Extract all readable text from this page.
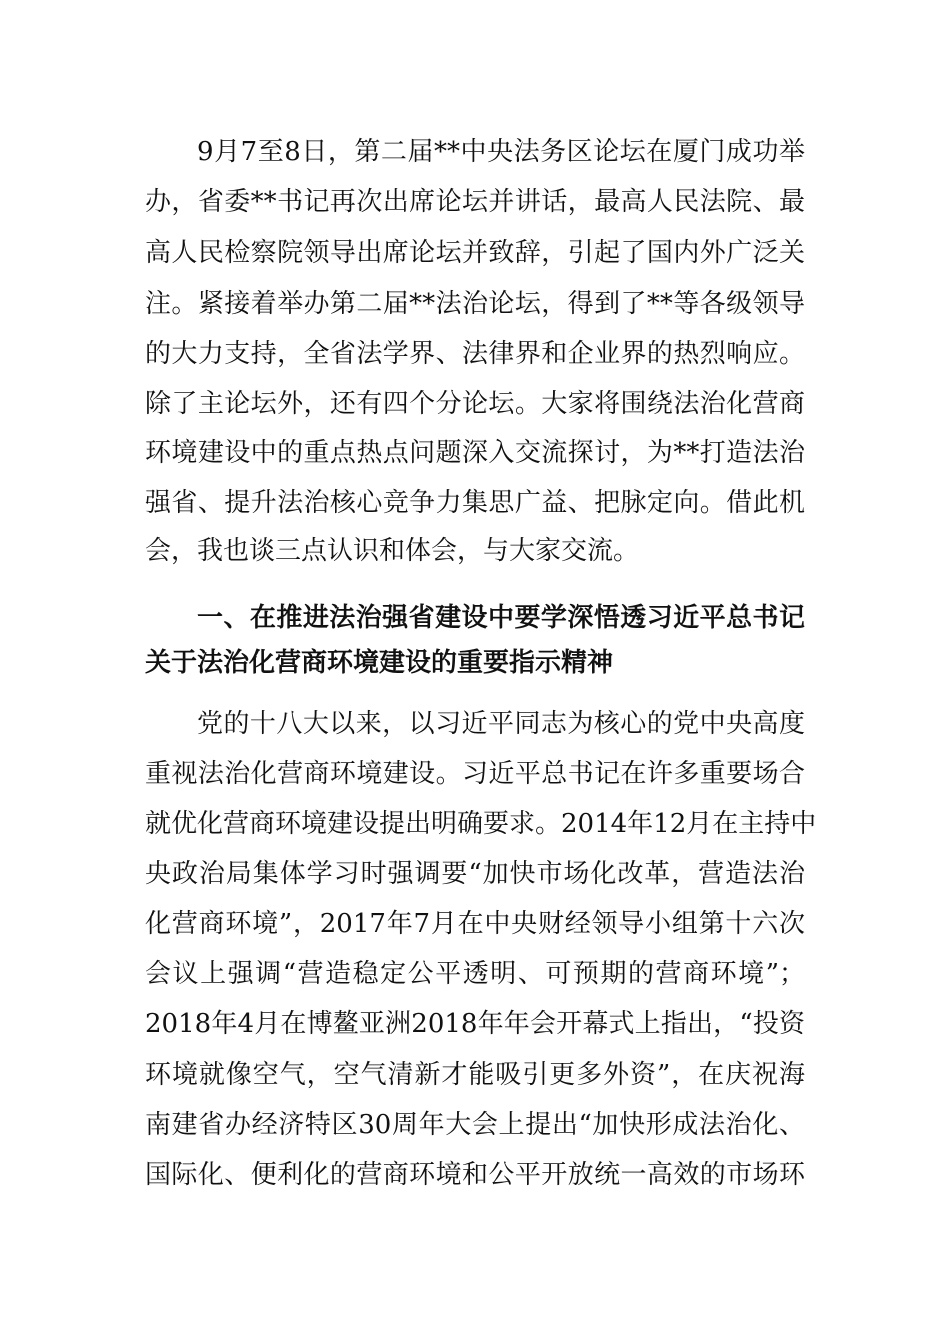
9月7至8日，第二届**中央法务区论坛在厦门成功举
办，省委**书记再次出席论坛并讲话，最高人民法院、最
高人民检察院领导出席论坛并致辞，引起了国内外广泛关
注。紧接着举办第二届**法治论坛，得到了**等各级领导
的大力支持，全省法学界、法律界和企业界的热烈响应。
除了主论坛外，还有四个分论坛。大家将围绕法治化营商
环境建设中的重点热点问题深入交流探讨，为**打造法治
强省、提升法治核心竞争力集思广益、把脉定向。借此机
会，我也谈三点认识和体会，与大家交流。
一、在推进法治强省建设中要学深悟透习近平总书记
关于法治化营商环境建设的重要指示精神
党的十八大以来，以习近平同志为核心的党中央高度
重视法治化营商环境建设。习近平总书记在许多重要场合
就优化营商环境建设提出明确要求。2014年12月在主持中
央政治局集体学习时强调要“加快市场化改革，营造法治
化营商环境”，2017年7月在中央财经领导小组第十六次
会议上强调“营造稳定公平透明、可预期的营商环境”；
2018年4月在博鳌亚洲2018年年会开幕式上指出，“投资
环境就像空气，空气清新才能吸引更多外资”，在庆祝海
南建省办经济特区30周年大会上提出“加快形成法治化、
国际化、便利化的营商环境和公平开放统一高效的市场环
